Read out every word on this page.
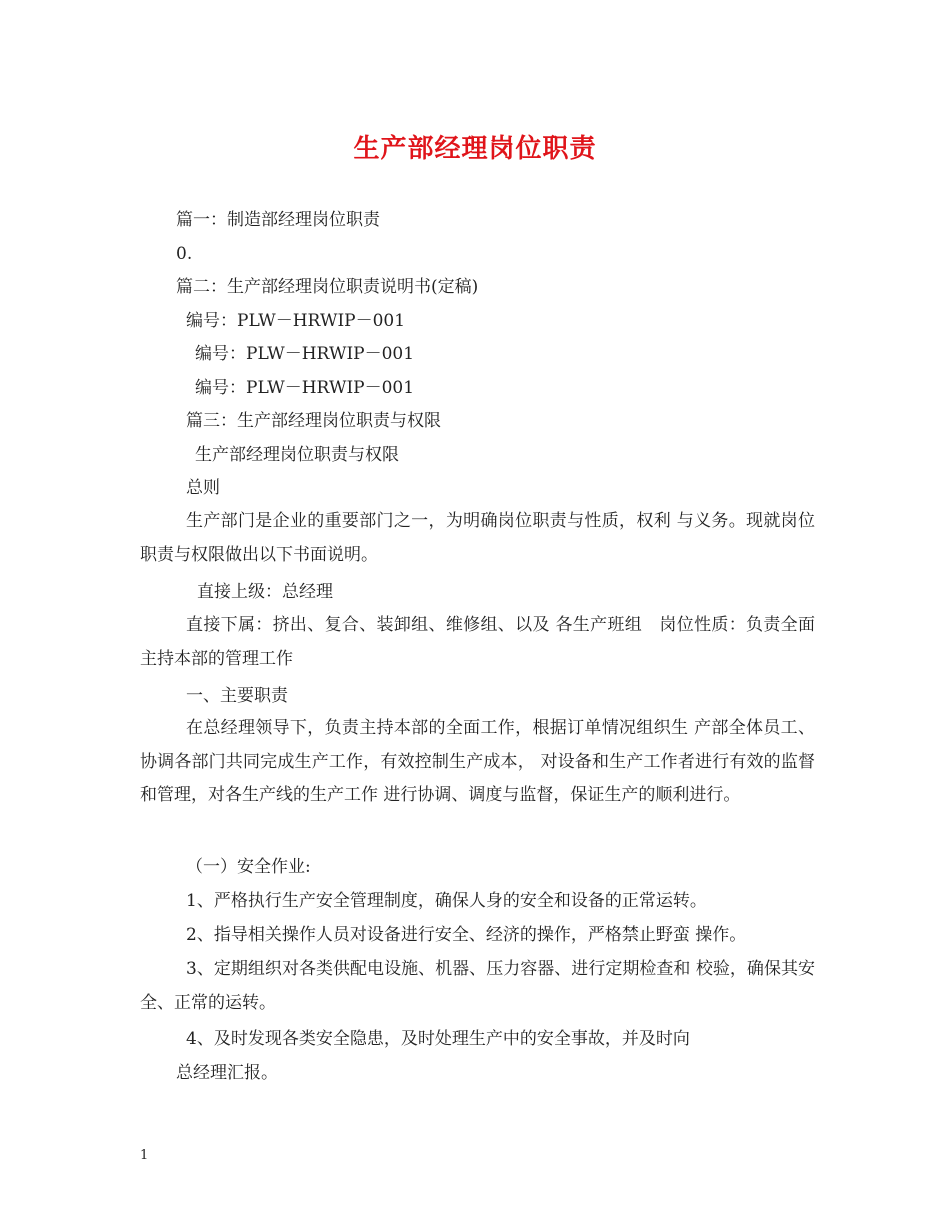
生产部经理岗位职责
篇一：制造部经理岗位职责
0.
篇二：生产部经理岗位职责说明书(定稿)
编号：PLW－HRWIP－001
编号：PLW－HRWIP－001
编号：PLW－HRWIP－001
篇三：生产部经理岗位职责与权限
生产部经理岗位职责与权限
总则
生产部门是企业的重要部门之一，为明确岗位职责与性质，权利 与义务。现就岗位职责与权限做出以下书面说明。
直接上级：总经理
直接下属：挤出、复合、装卸组、维修组、以及 各生产班组　岗位性质：负责全面主持本部的管理工作
一、主要职责
在总经理领导下，负责主持本部的全面工作，根据订单情况组织生 产部全体员工、协调各部门共同完成生产工作，有效控制生产成本， 对设备和生产工作者进行有效的监督和管理，对各生产线的生产工作 进行协调、调度与监督，保证生产的顺利进行。
（一）安全作业:
1、严格执行生产安全管理制度，确保人身的安全和设备的正常运转。
2、指导相关操作人员对设备进行安全、经济的操作，严格禁止野蛮 操作。
3、定期组织对各类供配电设施、机器、压力容器、进行定期检查和 校验，确保其安全、正常的运转。
4、及时发现各类安全隐患，及时处理生产中的安全事故，并及时向
总经理汇报。
1
